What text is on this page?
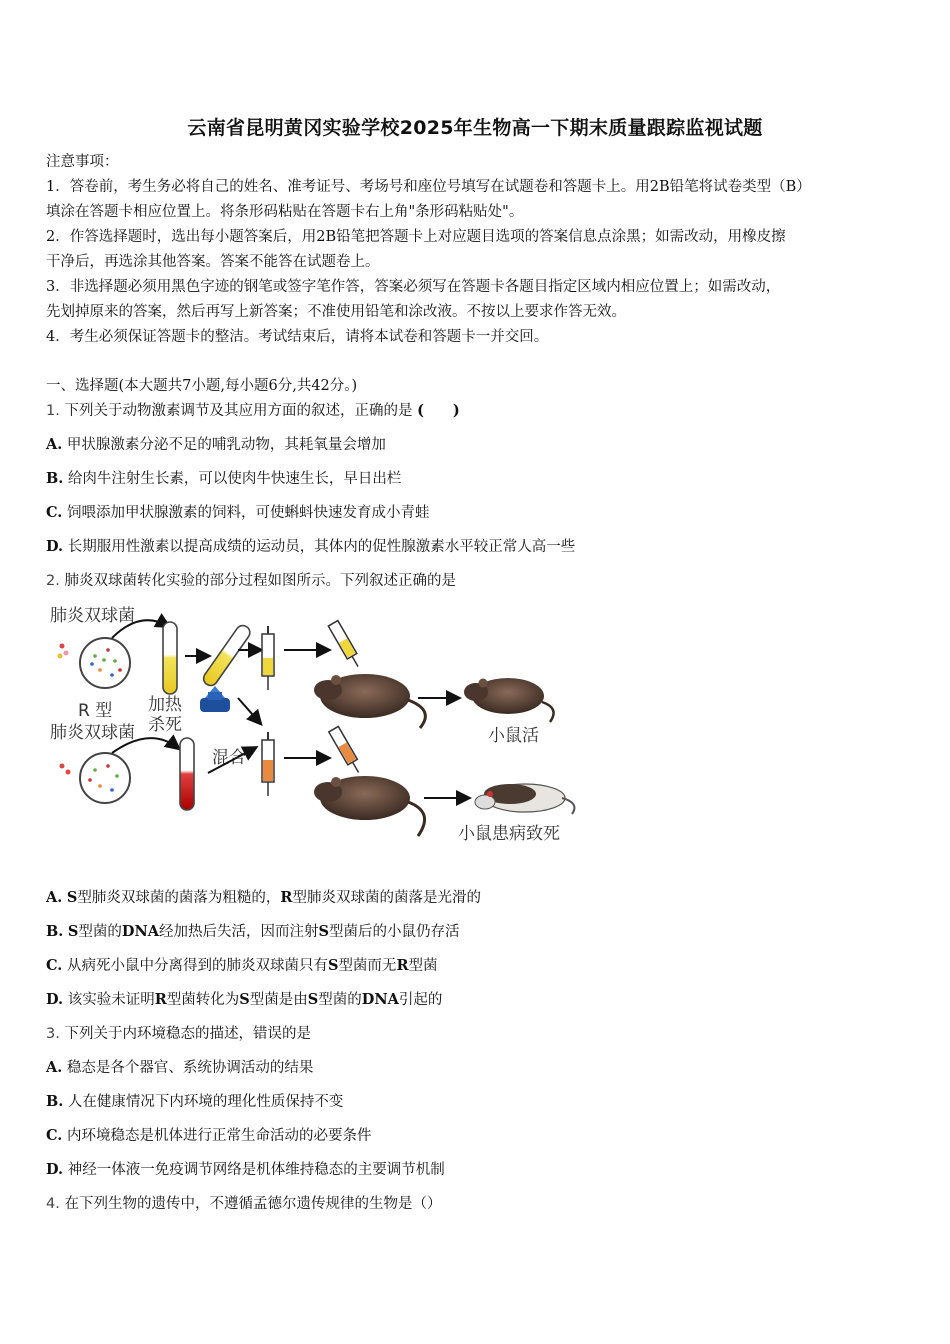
云南省昆明黄冈实验学校2025年生物高一下期末质量跟踪监视试题
注意事项：
1．答卷前，考生务必将自己的姓名、准考证号、考场号和座位号填写在试题卷和答题卡上。用2B铅笔将试卷类型（B）
填涂在答题卡相应位置上。将条形码粘贴在答题卡右上角"条形码粘贴处"。
2．作答选择题时，选出每小题答案后，用2B铅笔把答题卡上对应题目选项的答案信息点涂黑；如需改动，用橡皮擦
干净后，再选涂其他答案。答案不能答在试题卷上。
3．非选择题必须用黑色字迹的钢笔或签字笔作答，答案必须写在答题卡各题目指定区域内相应位置上；如需改动，
先划掉原来的答案，然后再写上新答案；不准使用铅笔和涂改液。不按以上要求作答无效。
4．考生必须保证答题卡的整洁。考试结束后，请将本试卷和答题卡一并交回。
一、选择题(本大题共7小题,每小题6分,共42分。)
1. 下列关于动物激素调节及其应用方面的叙述，正确的是 (　　)
A. 甲状腺激素分泌不足的哺乳动物，其耗氧量会增加
B. 给肉牛注射生长素，可以使肉牛快速生长，早日出栏
C. 饲喂添加甲状腺激素的饲料，可使蝌蚪快速发育成小青蛙
D. 长期服用性激素以提高成绩的运动员，其体内的促性腺激素水平较正常人高一些
2. 肺炎双球菌转化实验的部分过程如图所示。下列叙述正确的是
肺炎双球菌
R 型
肺炎双球菌
加热
杀死
混合
小鼠活
小鼠患病致死
A. S型肺炎双球菌的菌落为粗糙的，R型肺炎双球菌的菌落是光滑的
B. S型菌的DNA经加热后失活，因而注射S型菌后的小鼠仍存活
C. 从病死小鼠中分离得到的肺炎双球菌只有S型菌而无R型菌
D. 该实验未证明R型菌转化为S型菌是由S型菌的DNA引起的
3. 下列关于内环境稳态的描述，错误的是
A. 稳态是各个器官、系统协调活动的结果
B. 人在健康情况下内环境的理化性质保持不变
C. 内环境稳态是机体进行正常生命活动的必要条件
D. 神经一体液一免疫调节网络是机体维持稳态的主要调节机制
4. 在下列生物的遗传中，不遵循孟德尔遗传规律的生物是（）
